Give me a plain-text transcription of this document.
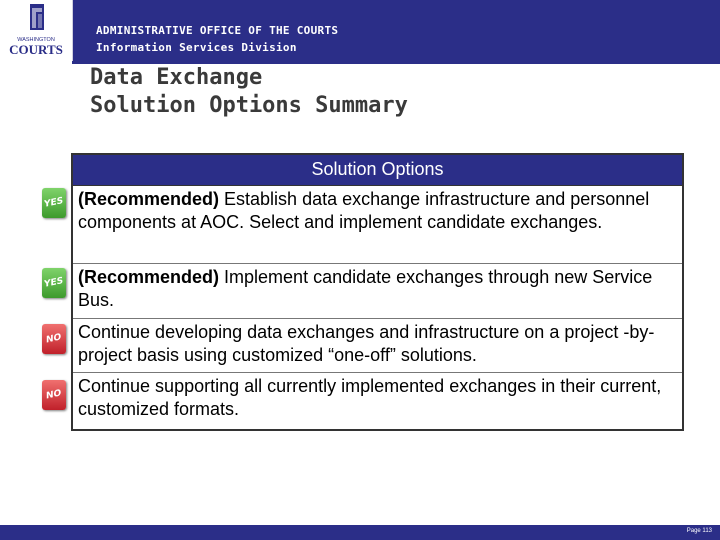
WASHINGTON
COURTS
ADMINISTRATIVE OFFICE OF THE COURTS
Information Services Division
Data Exchange
Solution Options Summary
Solution Options
(Recommended) Establish data exchange infrastructure and personnel components at AOC. Select and implement candidate exchanges.
(Recommended) Implement candidate exchanges through new Service Bus.
Continue developing data exchanges and infrastructure on a project -by-project basis using customized “one-off” solutions.
Continue supporting all currently implemented exchanges in their current, customized formats.
YES
YES
NO
NO
Page 113
